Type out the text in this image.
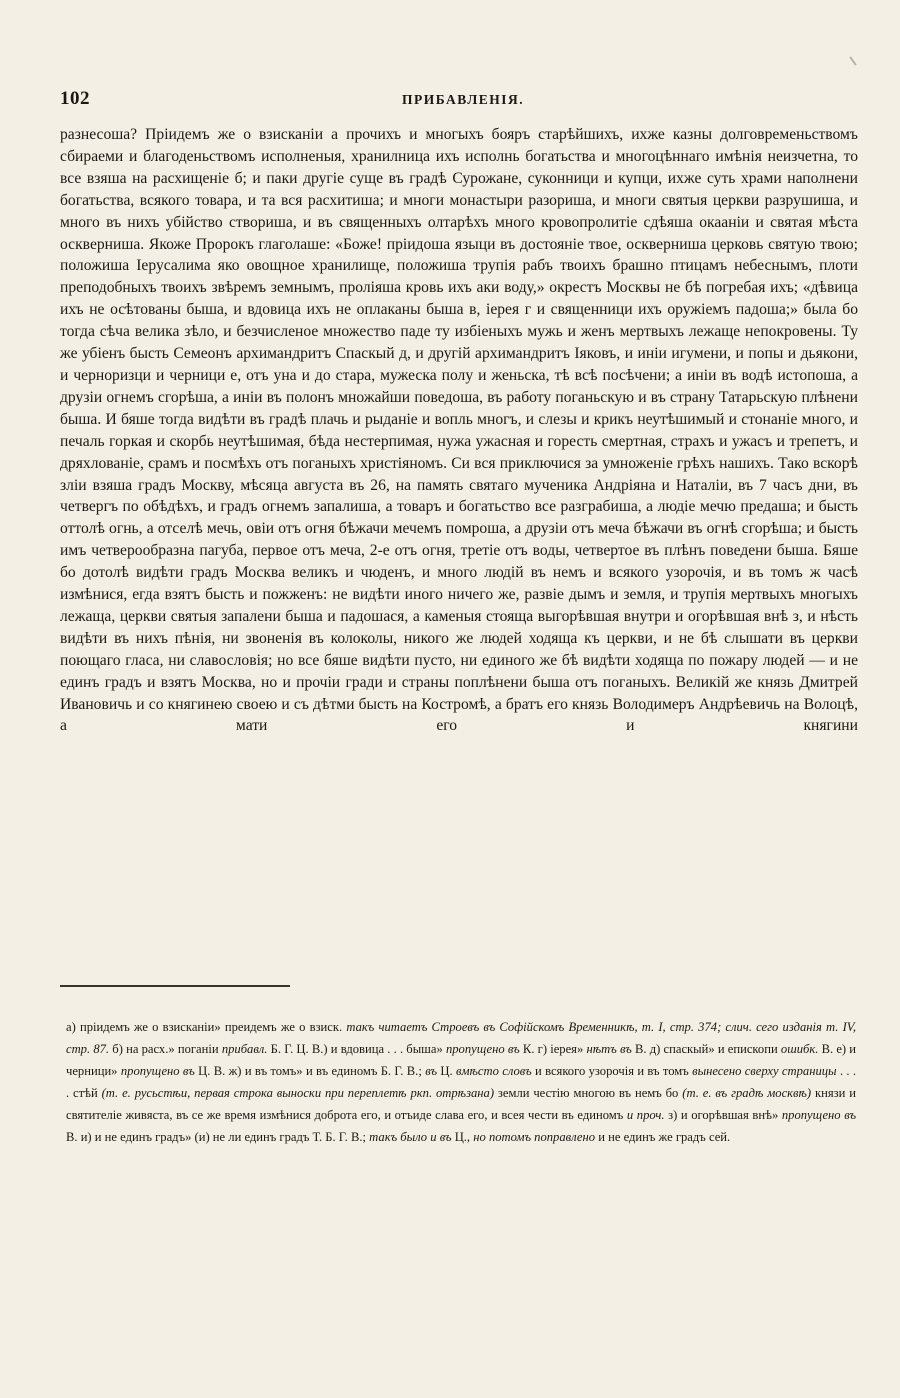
102	ПРИБАВЛЕНIЯ.

разнесоша? Прiидемъ же о взисканiи а прочихъ и многыхъ бояръ старѣйшихъ, ихже казны долговременьствомъ сбираеми и благоденьствомъ исполненыя, хранилница ихъ исполнь богатьства и многоцѣннаго имѣнiя неизчетна, то все взяша на расхищенiе б; и паки другiе суще въ градѣ Сурожане, суконници и купци, ихже суть храми наполнени богатьства, всякого товара, и та вся расхитиша; и многи монастыри разориша, и многи святыя церкви разрушиша, и много въ нихъ убiйство створиша, и въ священныхъ олтарѣхъ много кровопролитiе сдѣяша окаанiи и святая мѣста оскверниша. Якоже Пророкъ глаголаше: «Боже! прiидоша языци въ достоянiе твое, оскверниша церковь святую твою; положиша Iерусалима яко овощное хранилище, положиша трупiя рабъ твоихъ брашно птицамъ небеснымъ, плоти преподобныхъ твоихъ звѣремъ земнымъ, пролiяша кровь ихъ аки воду,» окрестъ Москвы не бѣ погребая ихъ; «дѣвица ихъ не осѣтованы быша, и вдовица ихъ не оплаканы быша в, iерея г и священници ихъ оружiемъ падоша;» была бо тогда сѣча велика зѣло, и безчисленое множество паде ту избiеныхъ мужь и женъ мертвыхъ лежаще непокровены. Ту же убiенъ бысть Семеонъ архимандритъ Спаскый д, и другiй архимандритъ Iяковъ, и инiи игумени, и попы и дьякони, и черноризци и черници е, отъ уна и до стара, мужеска полу и женьска, тѣ вcѣ посѣчени; а инiи въ водѣ истопоша, а друзiи огнемъ сгорѣша, а инiи въ полонъ множайши поведоша, въ работу поганьскую и въ страну Татарьскую плѣнени быша. И бяше тогда видѣти въ градѣ плачь и рыданiе и вопль многъ, и слезы и крикъ неутѣшимый и стонанiе много, и печаль горкая и скорбь неутѣшимая, бѣда нестерпимая, нужа ужасная и горесть смертная, страхъ и ужасъ и трепетъ, и дряхлованiе, срамъ и посмѣхъ отъ поганыхъ христiяномъ. Си вся приключися за умноженiе грѣхъ нашихъ. Тако вскорѣ злiи взяша градъ Москву, мѣсяца августа въ 26, на память святаго мученика Андрiяна и Наталiи, въ 7 часъ дни, въ четвергъ по обѣдѣхъ, и градъ огнемъ запалиша, а товаръ и богатьство все разграбиша, а людiе мечю предаша; и бысть оттолѣ огнь, а отселѣ мечь, овiи отъ огня бѣжачи мечемъ помроша, а друзiи отъ меча бѣжачи въ огнѣ сгорѣша; и бысть имъ четверообразна пагуба, первое отъ меча, 2-е отъ огня, третiе отъ воды, четвертое въ плѣнъ поведени быша. Бяше бо дотолѣ видѣти градъ Москва великъ и чюденъ, и много людiй въ немъ и всякого узорочiя, и въ томъ ж часѣ измѣнися, егда взятъ бысть и пожженъ: не видѣти иного ничего же, развiе дымъ и земля, и трупiя мертвыхъ многыхъ лежаща, церкви святыя запалени быша и падошася, а каменыя стояща выгорѣвшая внутри и огорѣвшая внѣ з, и нѣсть видѣти въ нихъ пѣнiя, ни звоненiя въ колоколы, никого же людей ходяща къ церкви, и не бѣ слышати въ церкви поющаго гласа, ни славословiя; но все бяше видѣти пусто, ни единого же бѣ видѣти ходяща по пожару людей — и не единъ градъ и взятъ Москва, но и прочiи гради и страны поплѣнени быша отъ поганыхъ. Великiй же князь Дмитрей Ивановичь и со княгинею своею и съ дѣтми бысть на Костромѣ, а братъ его князь Володимеръ Андрѣевичь на Волоцѣ, а мати его и княгини

а) прiидемъ же о взисканiи» преидемъ же о взиск. такъ читаетъ Строевъ въ Софiйскомъ Временникѣ, т. I, стр. 374; слич. сего изданiя т. IV, стр. 87. б) на расх.» поганiи прибавл. Б. Г. Ц. В.) и вдовица . . . быша» пропущено въ К. г) iерея» нѣтъ въ В. д) спаскый» и епископи ошибк. В. е) и черници» пропущено въ Ц. В. ж) и въ томъ» и въ единомъ Б. Г. В.; въ Ц. вмѣсто словъ и всякого узорочiя и въ томъ вынесено сверху страницы . . . . стѣй (т. е. русьстѣи, первая строка выноски при переплетѣ ркп. отрѣзана) земли честiю многою въ немъ бо (т. е. въ градѣ москвѣ) князи и святителiе живяста, въ се же время измѣнися доброта его, и отъиде слава его, и всея чести въ единомъ и проч. з) и огорѣвшая внѣ» пропущено въ В. и) и не единъ градъ» (и) не ли единъ градъ Т. Б. Г. В.; такъ было и въ Ц., но потомъ поправлено и не единъ же градъ сей.
